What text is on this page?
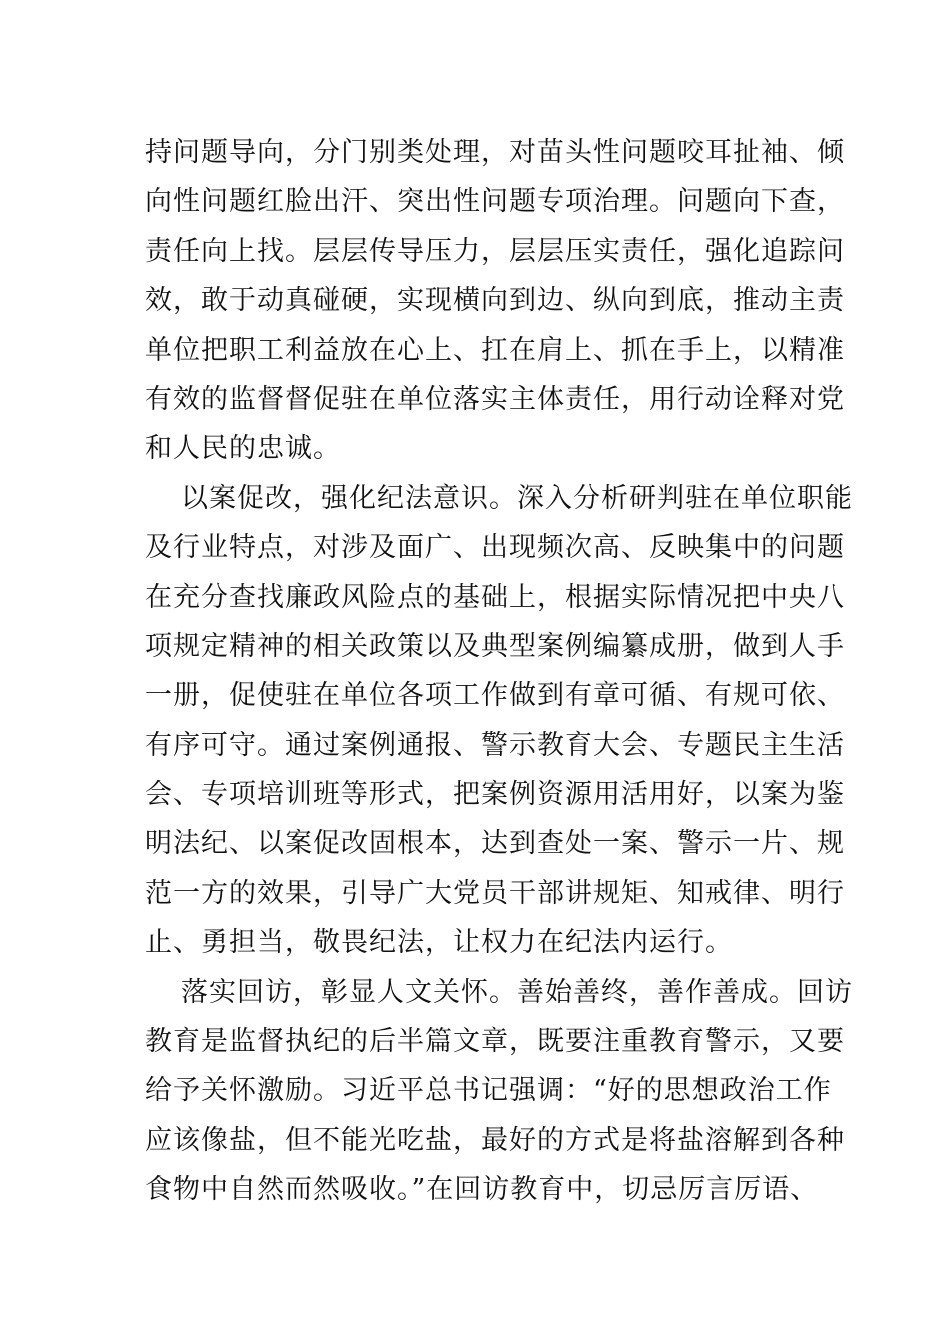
持问题导向，分门别类处理，对苗头性问题咬耳扯袖、倾
向性问题红脸出汗、突出性问题专项治理。问题向下查，
责任向上找。层层传导压力，层层压实责任，强化追踪问
效，敢于动真碰硬，实现横向到边、纵向到底，推动主责
单位把职工利益放在心上、扛在肩上、抓在手上，以精准
有效的监督督促驻在单位落实主体责任，用行动诠释对党
和人民的忠诚。
以案促改，强化纪法意识。深入分析研判驻在单位职能
及行业特点，对涉及面广、出现频次高、反映集中的问题
在充分查找廉政风险点的基础上，根据实际情况把中央八
项规定精神的相关政策以及典型案例编纂成册，做到人手
一册，促使驻在单位各项工作做到有章可循、有规可依、
有序可守。通过案例通报、警示教育大会、专题民主生活
会、专项培训班等形式，把案例资源用活用好，以案为鉴
明法纪、以案促改固根本，达到查处一案、警示一片、规
范一方的效果，引导广大党员干部讲规矩、知戒律、明行
止、勇担当，敬畏纪法，让权力在纪法内运行。
落实回访，彰显人文关怀。善始善终，善作善成。回访
教育是监督执纪的后半篇文章，既要注重教育警示，又要
给予关怀激励。习近平总书记强调：“好的思想政治工作
应该像盐，但不能光吃盐，最好的方式是将盐溶解到各种
食物中自然而然吸收。”在回访教育中，切忌厉言厉语、
